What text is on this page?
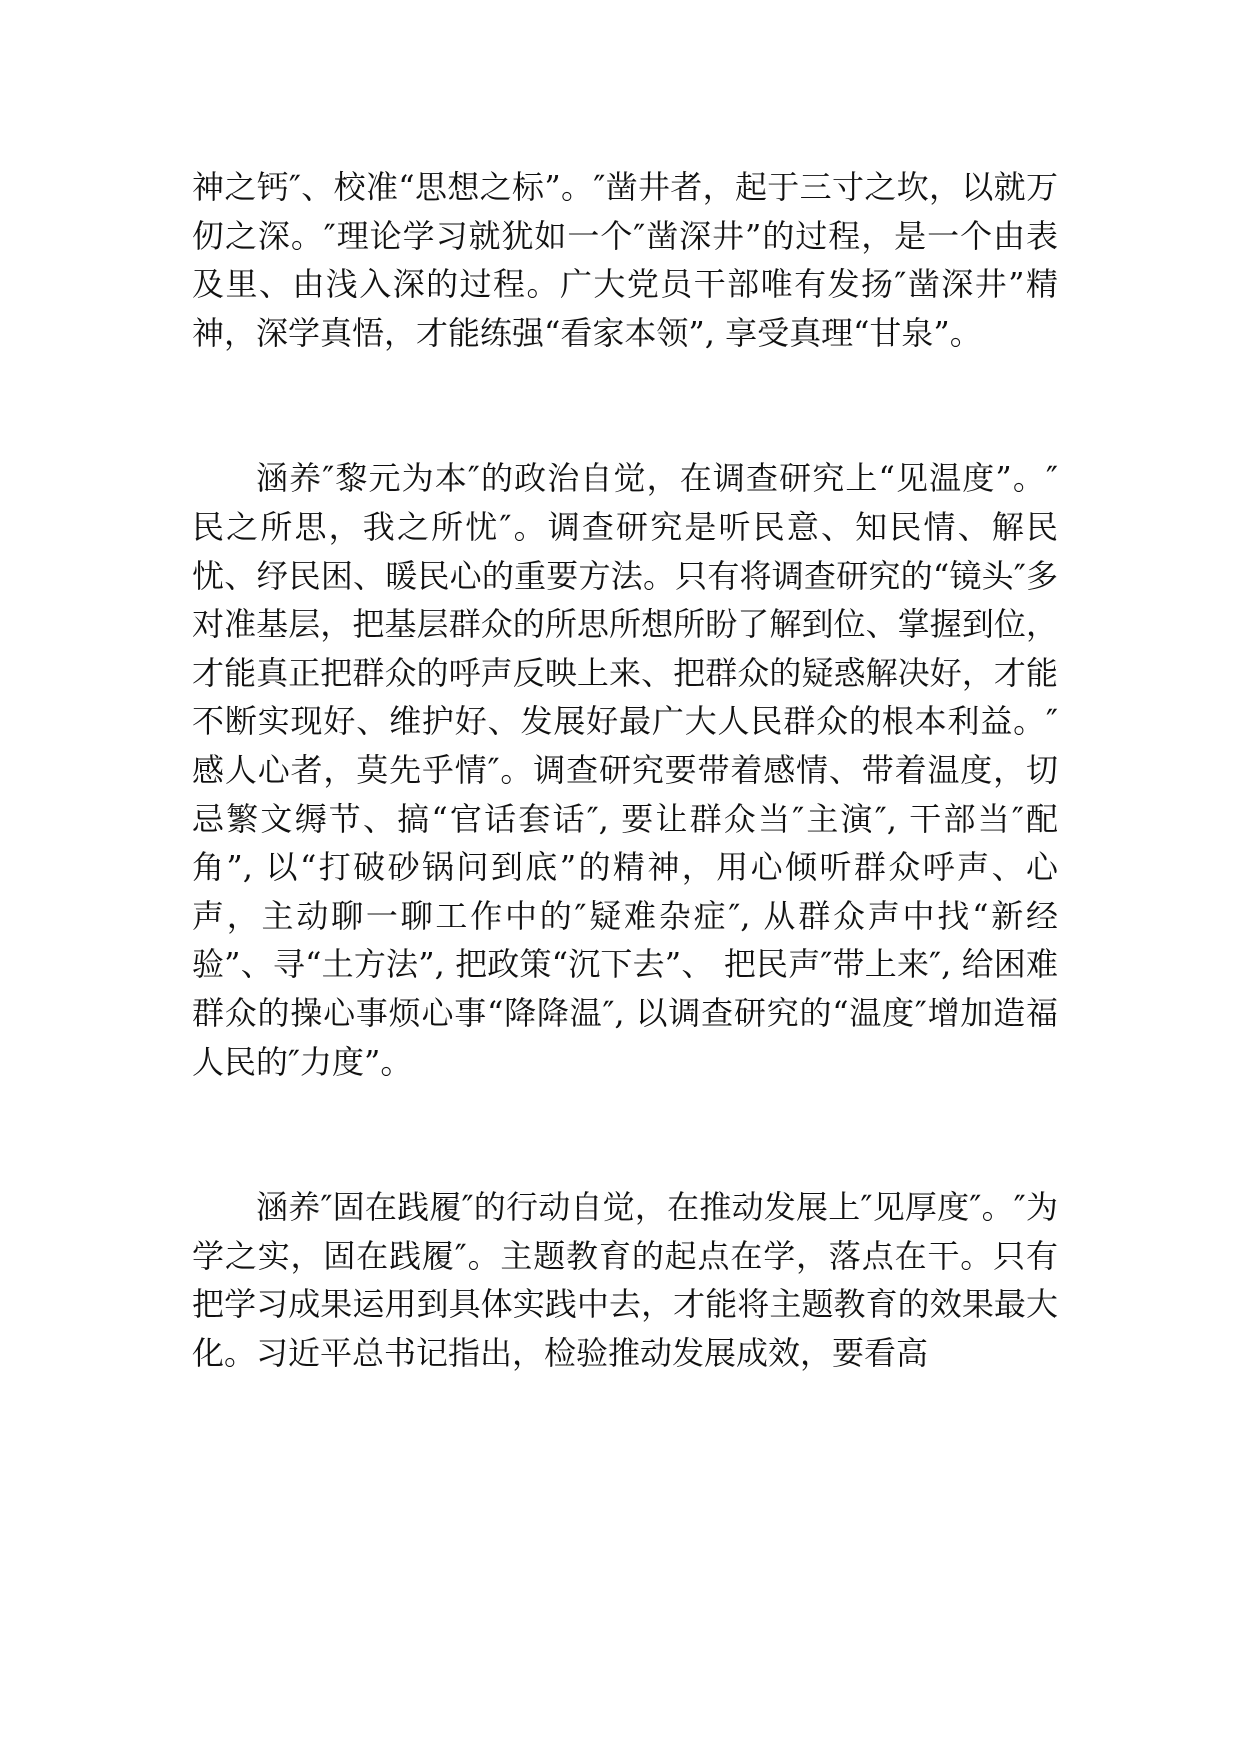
神之钙″、校准“思想之标”。″凿井者，起于三寸之坎，以就万仞之深。″理论学习就犹如一个″凿深井”的过程，是一个由表及里、由浅入深的过程。广大党员干部唯有发扬″凿深井”精神，深学真悟，才能练强“看家本领”, 享受真理“甘泉”。

涵养″黎元为本″的政治自觉，在调查研究上“见温度”。″民之所思，我之所忧″。调查研究是听民意、知民情、解民忧、纾民困、暖民心的重要方法。只有将调查研究的“镜头″多对准基层，把基层群众的所思所想所盼了解到位、掌握到位，才能真正把群众的呼声反映上来、把群众的疑惑解决好，才能不断实现好、维护好、发展好最广大人民群众的根本利益。″感人心者，莫先乎情″。调查研究要带着感情、带着温度，切忌繁文缛节、搞“官话套话″, 要让群众当″主演″, 干部当″配角”, 以“打破砂锅问到底”的精神，用心倾听群众呼声、心声，主动聊一聊工作中的″疑难杂症″, 从群众声中找“新经验”、寻“土方法”, 把政策“沉下去”、 把民声″带上来″, 给困难群众的操心事烦心事“降降温″, 以调查研究的“温度″增加造福人民的″力度”。

涵养″固在践履″的行动自觉，在推动发展上″见厚度″。″为学之实，固在践履″。主题教育的起点在学，落点在干。只有把学习成果运用到具体实践中去，才能将主题教育的效果最大化。习近平总书记指出，检验推动发展成效，要看高
